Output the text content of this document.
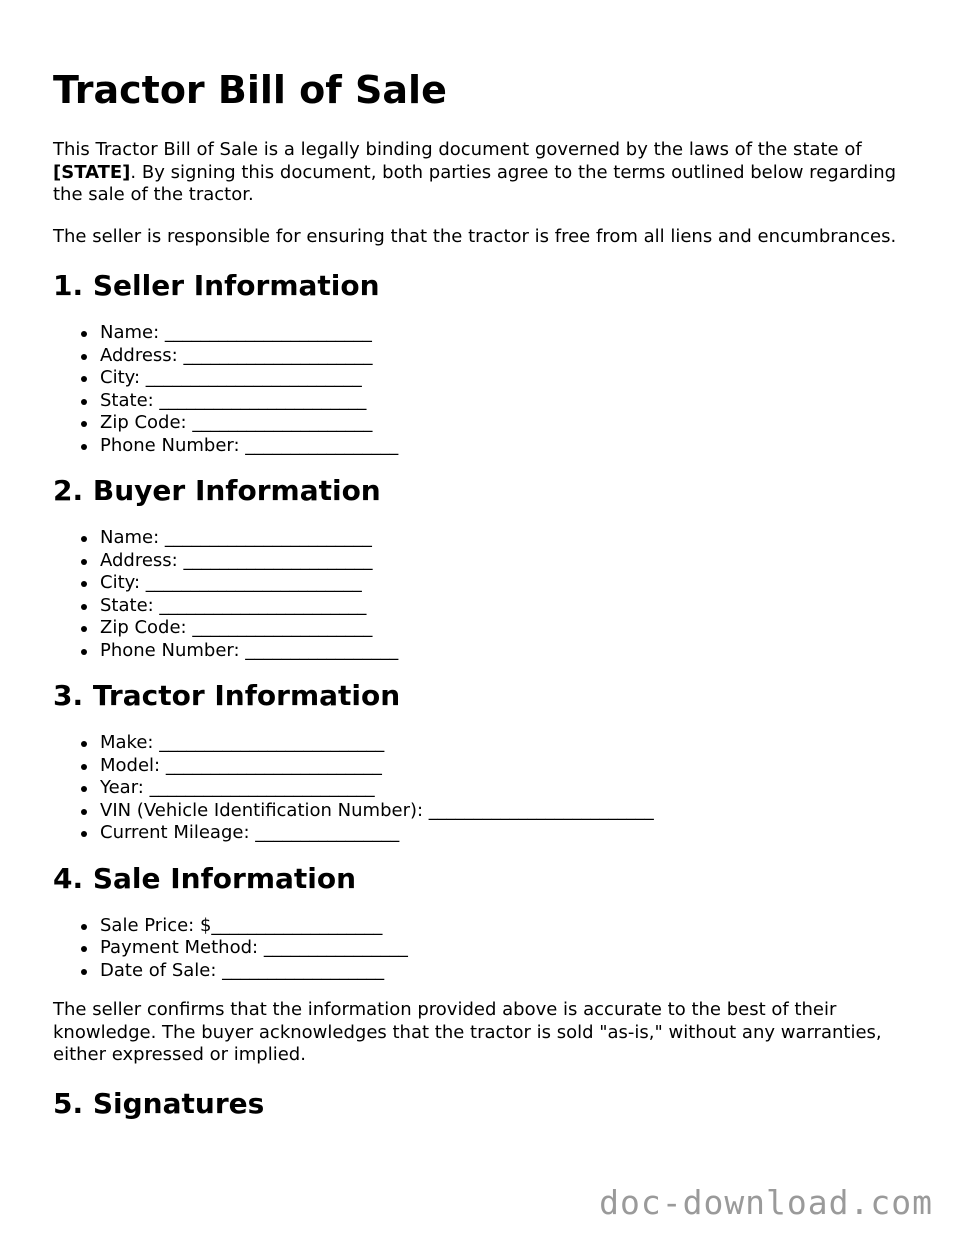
Tractor Bill of Sale

This Tractor Bill of Sale is a legally binding document governed by the laws of the state of [STATE]. By signing this document, both parties agree to the terms outlined below regarding the sale of the tractor.

The seller is responsible for ensuring that the tractor is free from all liens and encumbrances.

1. Seller Information
Name: _______________________
Address: _____________________
City: ________________________
State: _______________________
Zip Code: ____________________
Phone Number: _________________
2. Buyer Information
Name: _______________________
Address: _____________________
City: ________________________
State: _______________________
Zip Code: ____________________
Phone Number: _________________
3. Tractor Information
Make: _________________________
Model: ________________________
Year: _________________________
VIN (Vehicle Identification Number): _________________________
Current Mileage: ________________
4. Sale Information
Sale Price: $___________________
Payment Method: ________________
Date of Sale: __________________

The seller confirms that the information provided above is accurate to the best of their knowledge. The buyer acknowledges that the tractor is sold "as-is," without any warranties, either expressed or implied.

5. Signatures
doc-download.com
